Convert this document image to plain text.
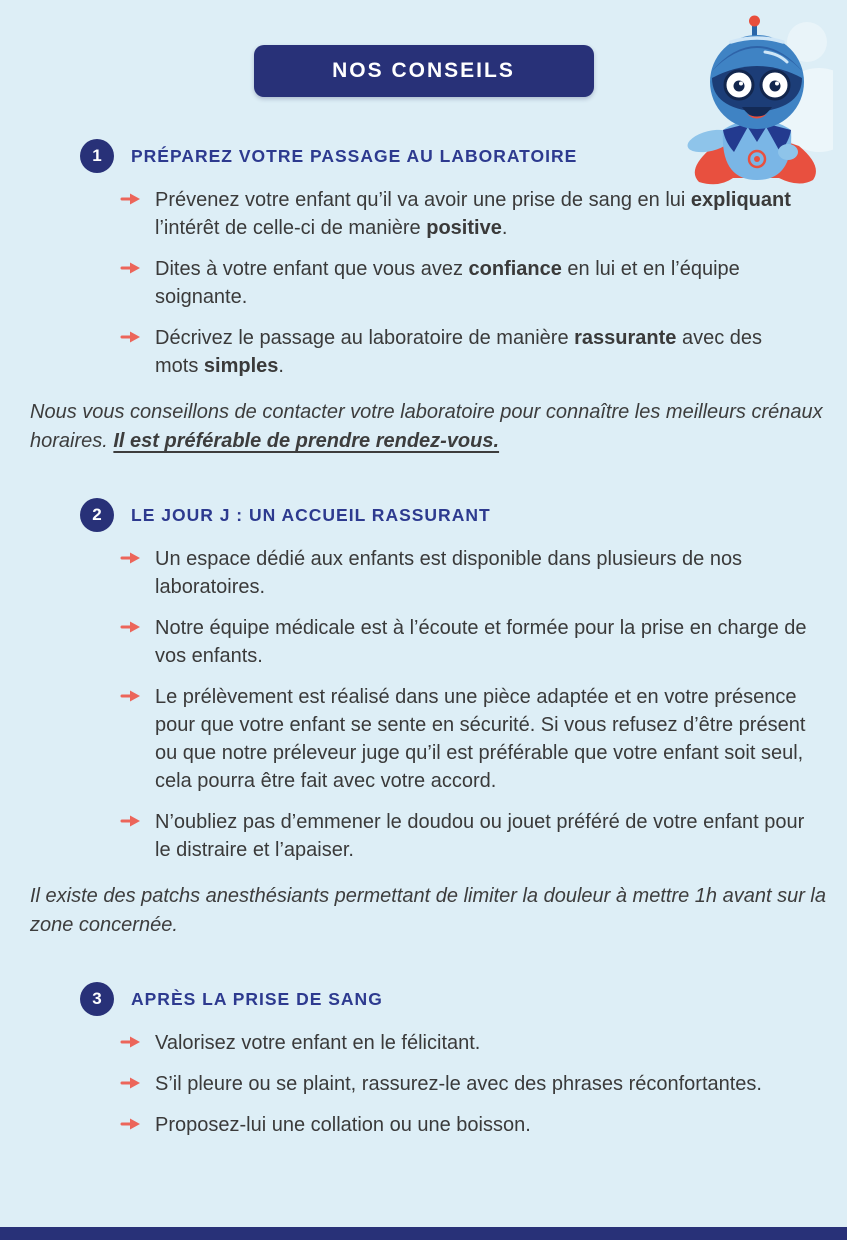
NOS CONSEILS
1	PRÉPAREZ VOTRE PASSAGE AU LABORATOIRE

Prévenez votre enfant qu’il va avoir une prise de sang en lui expliquant l’intérêt de celle-ci de manière positive.

Dites à votre enfant que vous avez confiance en lui et en l’équipe soignante.

Décrivez le passage au laboratoire de manière rassurante avec des mots simples.

Nous vous conseillons de contacter votre laboratoire pour connaître les meilleurs crénaux horaires. Il est préférable de prendre rendez-vous.

2	LE JOUR J : UN ACCUEIL RASSURANT

Un espace dédié aux enfants est disponible dans plusieurs de nos laboratoires.

Notre équipe médicale est à l’écoute et formée pour la prise en charge de vos enfants.

Le prélèvement est réalisé dans une pièce adaptée et en votre présence pour que votre enfant se sente en sécurité. Si vous refusez d’être présent ou que notre préleveur juge qu’il est préférable que votre enfant soit seul, cela pourra être fait avec votre accord.

N’oubliez pas d’emmener le doudou ou jouet préféré de votre enfant pour le distraire et l’apaiser.

Il existe des patchs anesthésiants permettant de limiter la douleur à mettre 1h avant sur la zone concernée.

3	APRÈS LA PRISE DE SANG

Valorisez votre enfant en le félicitant.

S’il pleure ou se plaint, rassurez-le avec des phrases réconfortantes.

Proposez-lui une collation ou une boisson.
